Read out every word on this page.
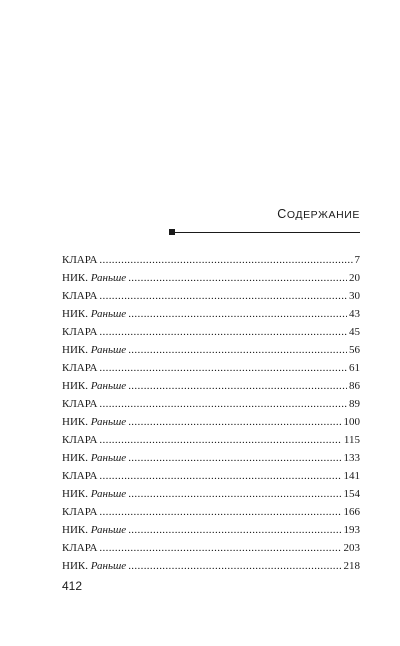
СОДЕРЖАНИЕ
КЛАРА . . .	7
НИК. Раньше . . .	20
КЛАРА . . .	30
НИК. Раньше . . .	43
КЛАРА . . .	45
НИК. Раньше . . .	56
КЛАРА . . .	61
НИК. Раньше . . .	86
КЛАРА . . .	89
НИК. Раньше . . .	100
КЛАРА . . .	115
НИК. Раньше . . .	133
КЛАРА . . .	141
НИК. Раньше . . .	154
КЛАРА . . .	166
НИК. Раньше . . .	193
КЛАРА . . .	203
НИК. Раньше . . .	218
412
